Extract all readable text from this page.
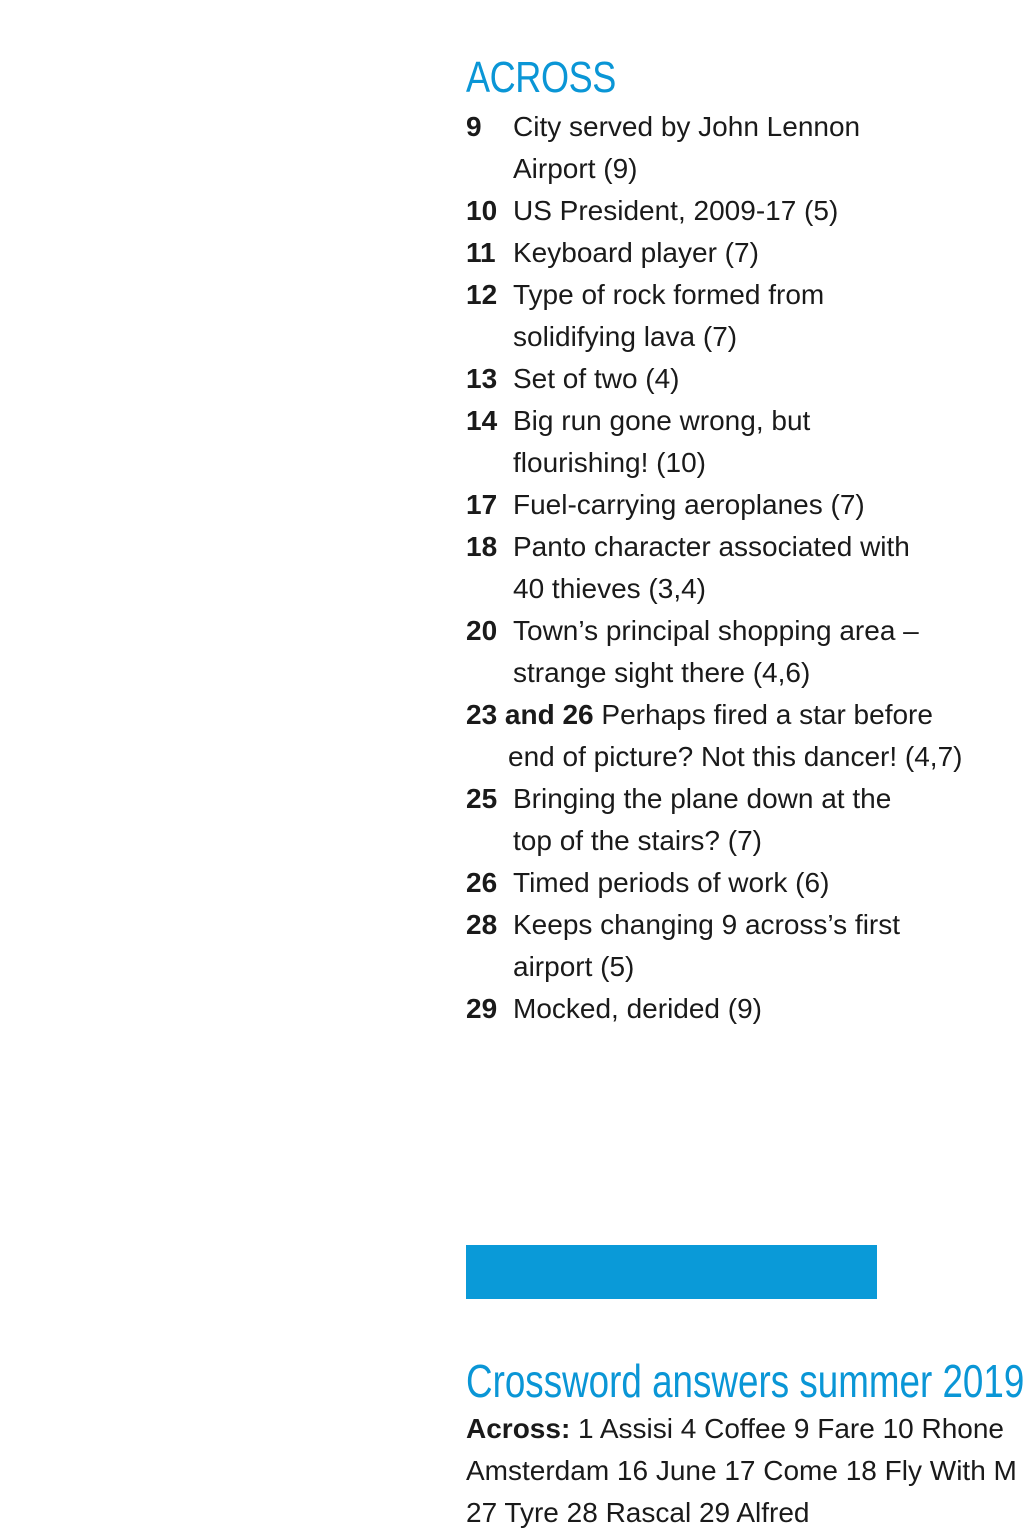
ACROSS
9	City served by John Lennon Airport (9)
10 US President, 2009-17 (5)
11 Keyboard player (7)
12 Type of rock formed from solidifying lava (7)
13 Set of two (4)
14 Big run gone wrong, but flourishing! (10)
17 Fuel-carrying aeroplanes (7)
18 Panto character associated with 40 thieves (3,4)
20 Town’s principal shopping area – strange sight there (4,6)
23 and 26 Perhaps fired a star before
end of picture? Not this dancer! (4,7)
25 Bringing the plane down at the top of the stairs? (7)
26 Timed periods of work (6)
28 Keeps changing 9 across’s first airport (5)
29 Mocked, derided (9)
Crossword answers summer 2019
Across: 1 Assisi 4 Coffee 9 Fare 10 Rhone
Amsterdam 16 June 17 Come 18 Fly With M
27 Tyre 28 Rascal 29 Alfred
